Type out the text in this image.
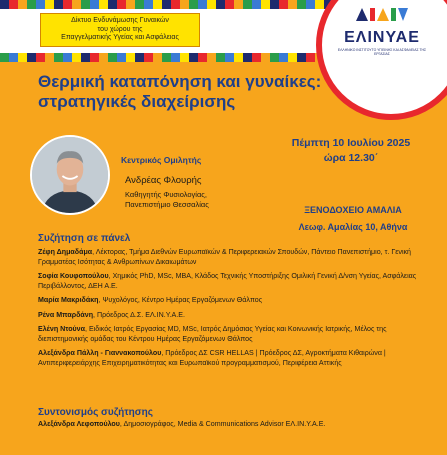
Δίκτυο Ενδυνάμωσης Γυναικών
του χώρου της
Επαγγελματικής Υγείας και Ασφάλειας	ΕΛΙΝΥΑΕ
ΕΛΛΗΝΙΚΟ ΙΝΣΤΙΤΟΥΤΟ ΥΓΙΕΙΝΗΣ ΚΑΙ ΑΣΦΑΛΕΙΑΣ ΤΗΣ ΕΡΓΑΣΙΑΣ
Θερμική καταπόνηση και γυναίκες:
στρατηγικές διαχείρισης
Κεντρικός Ομιλητής
Ανδρέας Φλουρής
Καθηγητής Φυσιολογίας,
Πανεπιστήμιο Θεσσαλίας
Πέμπτη 10 Ιουλίου 2025
ώρα 12.30΄
ΞΕΝΟΔΟΧΕΙΟ ΑΜΑΛΙΑ
Λεωφ. Αμαλίας 10, Αθήνα
Συζήτηση σε πάνελ

Ζέφη Δημαδάμα, Λέκτορας, Τμήμα Διεθνών Ευρωπαϊκών & Περιφερειακών Σπουδών, Πάντειο Πανεπιστήμιο, τ. Γενική Γραμματέας Ισότητας & Ανθρωπίνων Δικαιωμάτων

Σοφία Κουφοπούλου, Χημικός PhD, MSc, MBA, Κλάδος Τεχνικής Υποστήριξης Ομιλική Γενική Δ/νση Υγείας, Ασφάλειας Περιβάλλοντος, ΔΕΗ Α.Ε.

Μαρία Μακριδάκη, Ψυχολόγος, Κέντρο Ημέρας Εργαζόμενων Θάλπος

Ρένα Μπαρδάνη, Πρόεδρος Δ.Σ. ΕΛ.ΙΝ.Υ.Α.Ε.

Ελένη Ντούνα, Ειδικός Ιατρός Εργασίας MD, MSc, Ιατρός Δημόσιας Υγείας και Κοινωνικής Ιατρικής, Μέλος της διεπιστημονικής ομάδας του Κέντρου Ημέρας Εργαζόμενων Θάλπος

Αλεξάνδρα Πάλλη - Γιαννακοπούλου, Πρόεδρος ΔΣ CSR HELLAS | Πρόεδρος ΔΣ, Αγροκτήματα Κιθαιρώνα | Αντιπεριφερειάρχης Επιχειρηματικότητας και Ευρωπαϊκού προγραμματισμού, Περιφέρεια Αττικής

Συντονισμός συζήτησης
Αλεξάνδρα Λεφοπούλου, Δημοσιογράφος, Media & Communications Advisor ΕΛ.ΙΝ.Υ.Α.Ε.
